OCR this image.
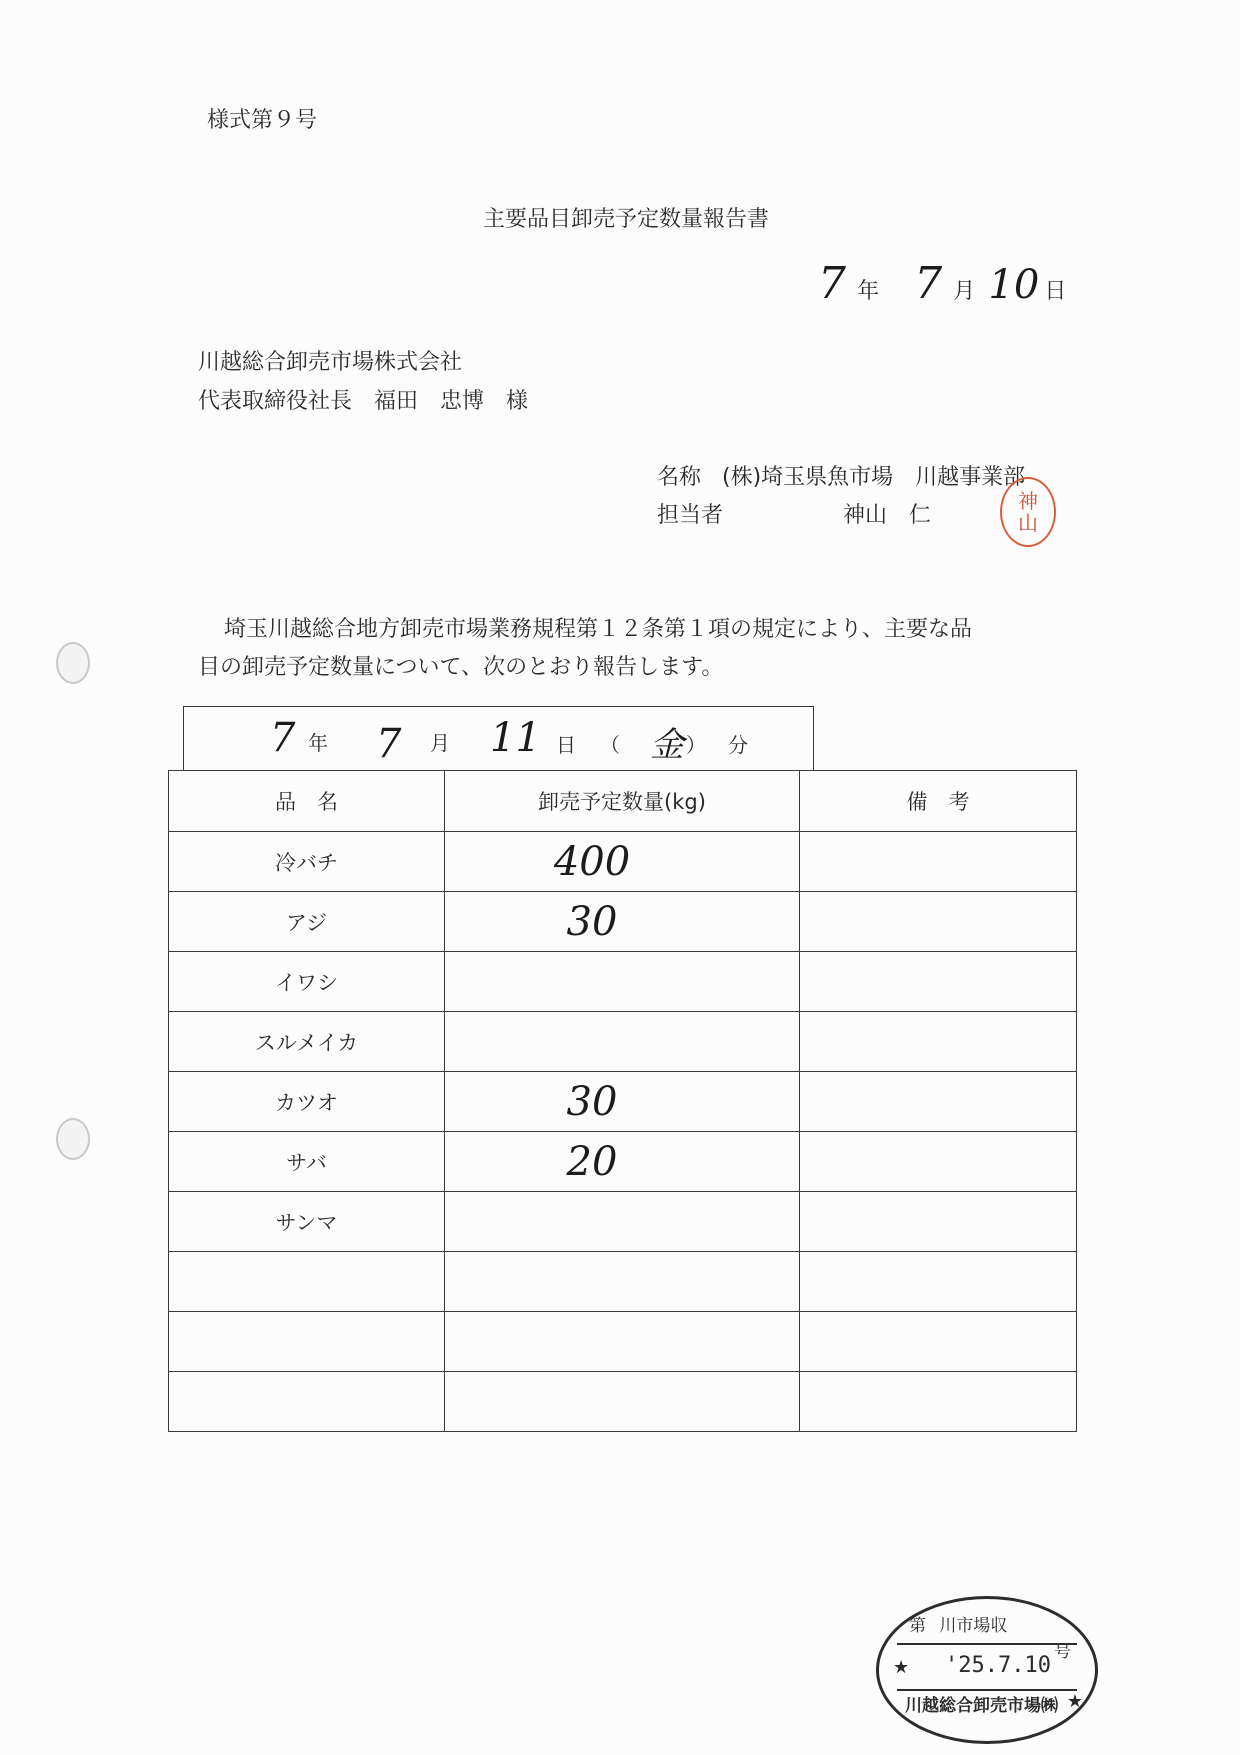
様式第９号
主要品目卸売予定数量報告書
7 年 7 月 10 日
川越総合卸売市場株式会社
代表取締役社長　福田　忠博　様
名称 (株)埼玉県魚市場　川越事業部
担当者	神山　仁
神
山
埼玉川越総合地方卸売市場業務規程第１２条第１項の規定により、主要な品
目の卸売予定数量について、次のとおり報告します。
7 年 7 月 11 日 （ 金 ） 分
品　名	卸売予定数量(kg)	備　考
冷バチ	400	
アジ	30	
イワシ		
スルメイカ		
カツオ	30	
サバ	20	
サンマ		

第 川市場収
号
★ '25.7.10
★
川越総合卸売市場㈱
